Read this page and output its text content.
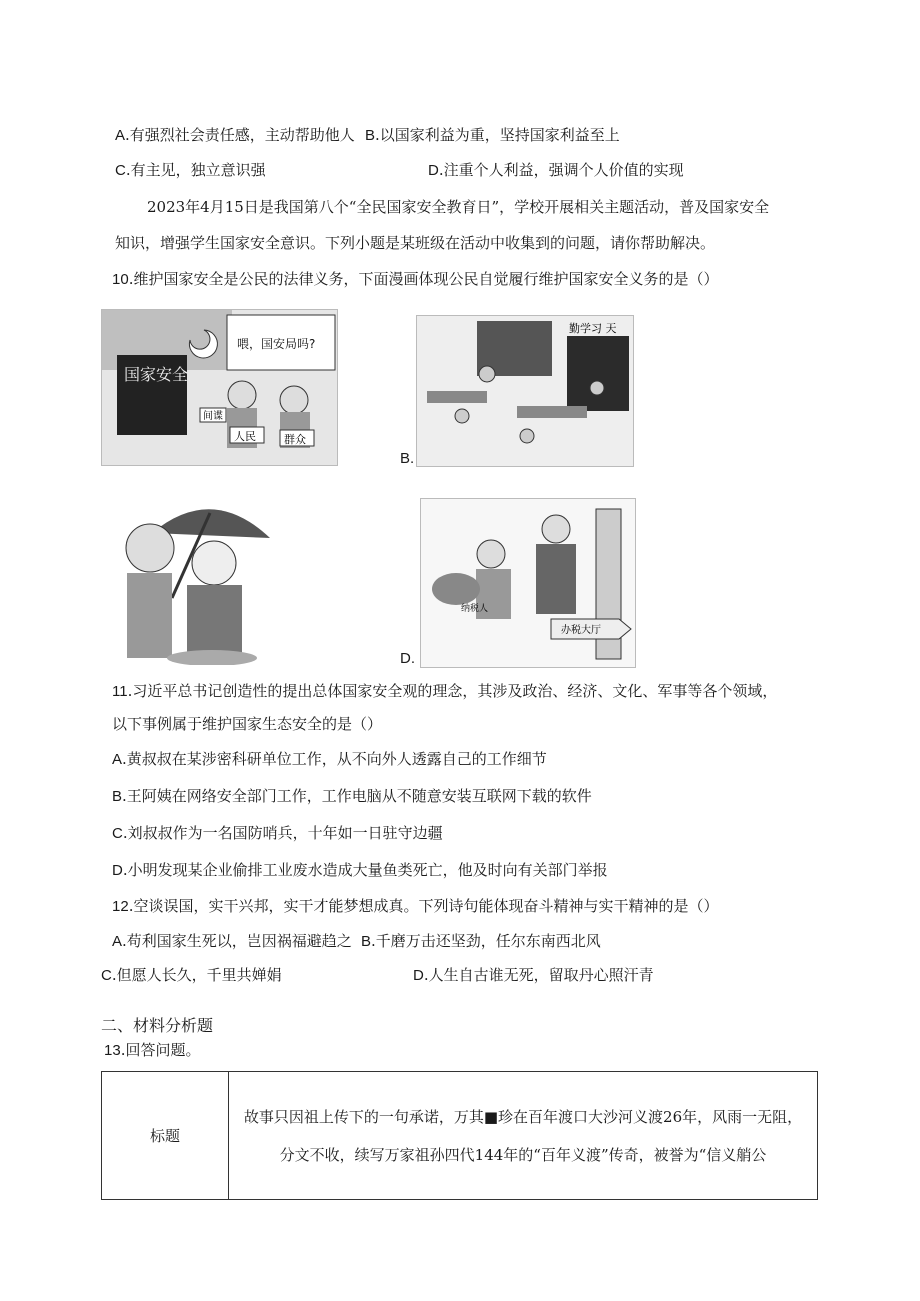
A.有强烈社会责任感，主动帮助他人 B.以国家利益为重，坚持国家利益至上
C.有主见，独立意识强	D.注重个人利益，强调个人价值的实现
2023年4月15日是我国第八个“全民国家安全教育日”，学校开展相关主题活动，普及国家安全
知识，增强学生国家安全意识。下列小题是某班级在活动中收集到的问题，请你帮助解决。
10.维护国家安全是公民的法律义务，下面漫画体现公民自觉履行维护国家安全义务的是（）
国家安全
喂，国安局吗?
间谍
人民	群众
勤学习 天
B.
纳税人
办税大厅
D.
11.习近平总书记创造性的提出总体国家安全观的理念，其涉及政治、经济、文化、军事等各个领域，
以下事例属于维护国家生态安全的是（）
A.黄叔叔在某涉密科研单位工作，从不向外人透露自己的工作细节
B.王阿姨在网络安全部门工作，工作电脑从不随意安装互联网下载的软件
C.刘叔叔作为一名国防哨兵，十年如一日驻守边疆
D.小明发现某企业偷排工业废水造成大量鱼类死亡，他及时向有关部门举报
12.空谈误国，实干兴邦，实干才能梦想成真。下列诗句能体现奋斗精神与实干精神的是（）
A.苟利国家生死以，岂因祸福避趋之 B.千磨万击还坚劲，任尔东南西北风
C.但愿人长久，千里共婵娟	D.人生自古谁无死，留取丹心照汗青
二、材料分析题
13.回答问题。
标题	
故事只因祖上传下的一句承诺，万其■珍在百年渡口大沙河义渡26年，风雨一无阻，
分文不收，续写万家祖孙四代144年的“百年义渡”传奇，被誉为“信义艄公
